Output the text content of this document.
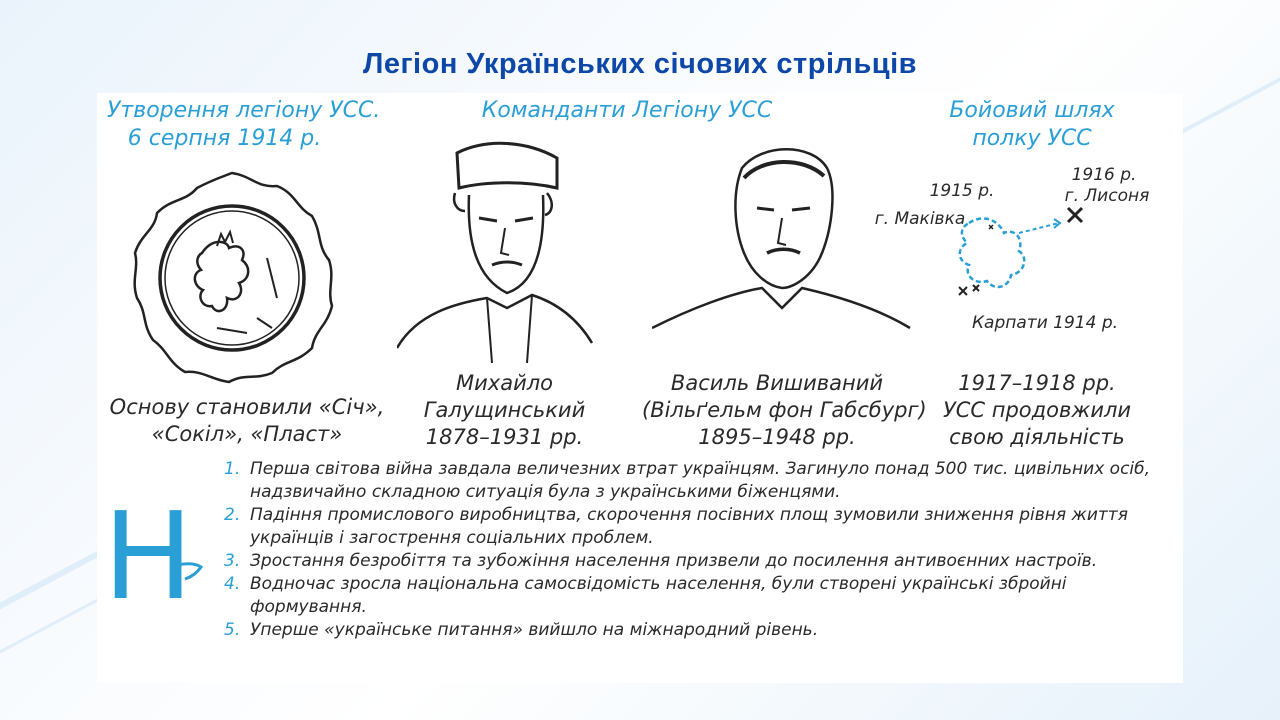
Легіон Українських січових стрільців
Утворення легіону УСС.
6 серпня 1914 р.
Основу становили «Січ»,
«Сокіл», «Пласт»
Команданти Легіону УСС
Михайло
Галущинський
1878–1931 рр.
Василь Вишиваний
(Вільґельм фон Габсбург)
1895–1948 рр.
Бойовий шлях
полку УСС
1915 р.
г. Маківка
1916 р.
г. Лисоня
Карпати 1914 р.
1917–1918 рр.
УСС продовжили
свою діяльність
Н
1. Перша світова війна завдала величезних втрат українцям. Загинуло понад 500 тис. цивільних осіб, надзвичайно складною ситуація була з українськими біженцями.
2. Падіння промислового виробництва, скорочення посівних площ зумовили зниження рівня життя українців і загострення соціальних проблем.
3. Зростання безробіття та зубожіння населення призвели до посилення антивоєнних настроїв.
4. Водночас зросла національна самосвідомість населення, були створені українські збройні формування.
5. Уперше «українське питання» вийшло на міжнародний рівень.
